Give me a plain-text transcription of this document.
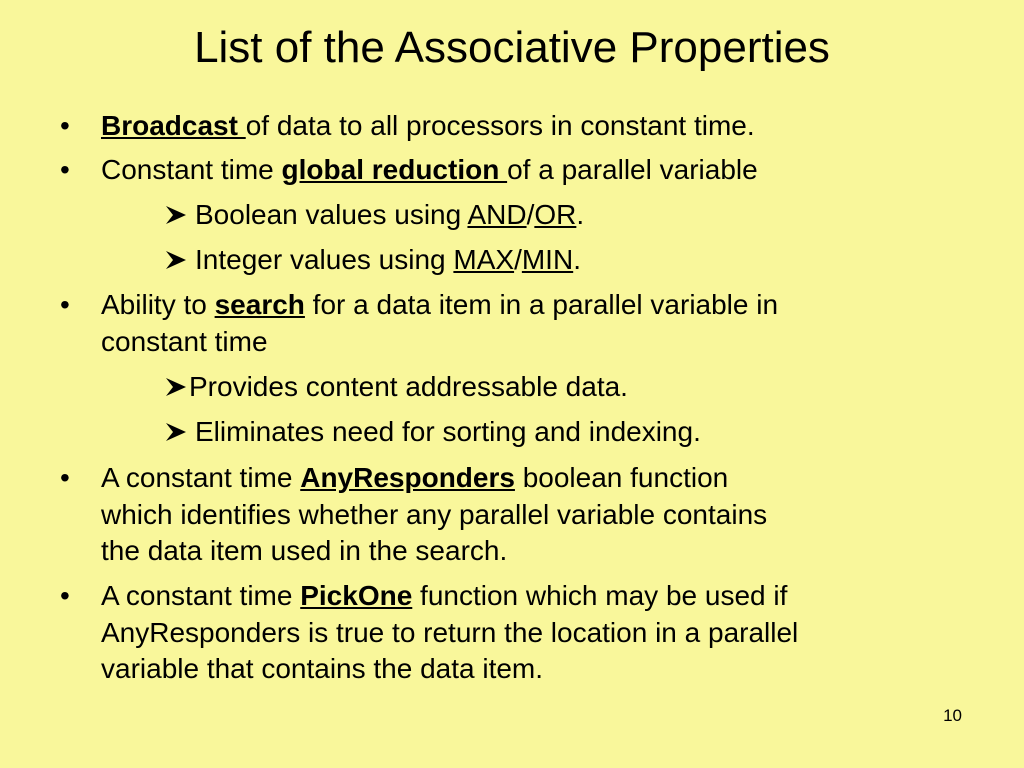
List of the Associative Properties
• Broadcast of data to all processors in constant time.
• Constant time global reduction of a parallel variable
Boolean values using AND/OR.
Integer values using MAX/MIN.
• Ability to search for a data item in a parallel variable in
constant time
Provides content addressable data.
Eliminates need for sorting and indexing.
• A constant time AnyResponders boolean function
which identifies whether any parallel variable contains
the data item used in the search.
• A constant time PickOne function which may be used if
AnyResponders is true to return the location in a parallel
variable that contains the data item.
10
